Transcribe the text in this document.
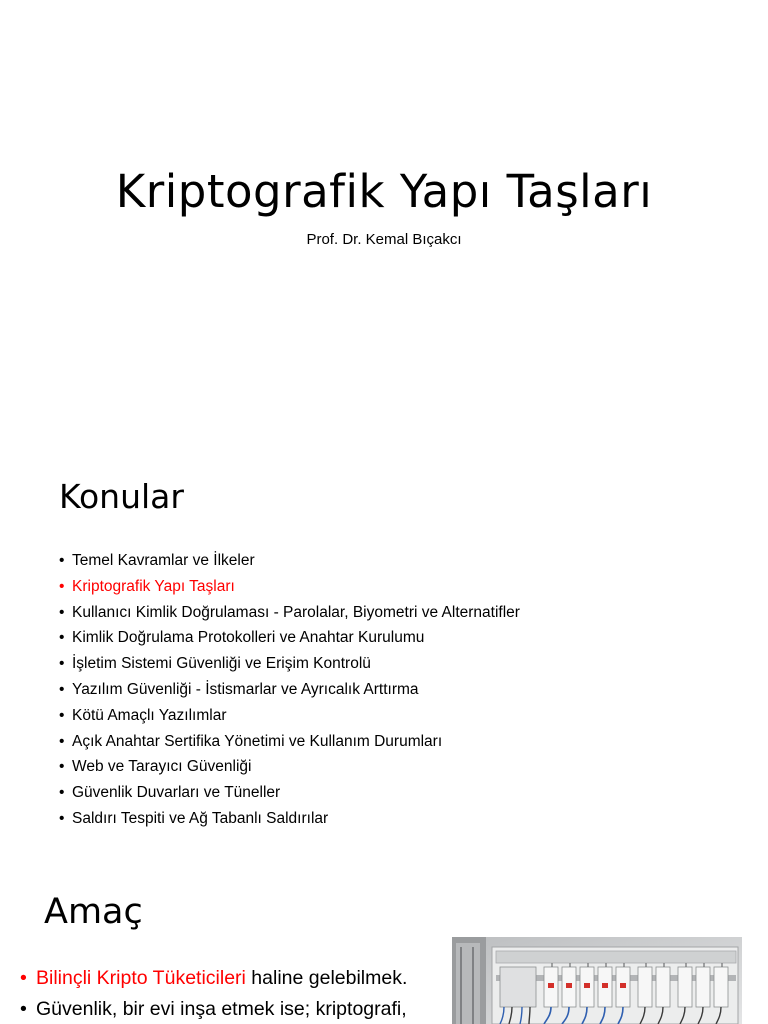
Kriptografik Yapı Taşları

Prof. Dr. Kemal Bıçakcı

Konular
• Temel Kavramlar ve İlkeler
• Kriptografik Yapı Taşları
• Kullanıcı Kimlik Doğrulaması - Parolalar, Biyometri ve Alternatifler
• Kimlik Doğrulama Protokolleri ve Anahtar Kurulumu
• İşletim Sistemi Güvenliği ve Erişim Kontrolü
• Yazılım Güvenliği - İstismarlar ve Ayrıcalık Arttırma
• Kötü Amaçlı Yazılımlar
• Açık Anahtar Sertifika Yönetimi ve Kullanım Durumları
• Web ve Tarayıcı Güvenliği
• Güvenlik Duvarları ve Tüneller
• Saldırı Tespiti ve Ağ Tabanlı Saldırılar
Amaç
• Bilinçli Kripto Tüketicileri haline gelebilmek.
• Güvenlik, bir evi inşa etmek ise; kriptografi,
